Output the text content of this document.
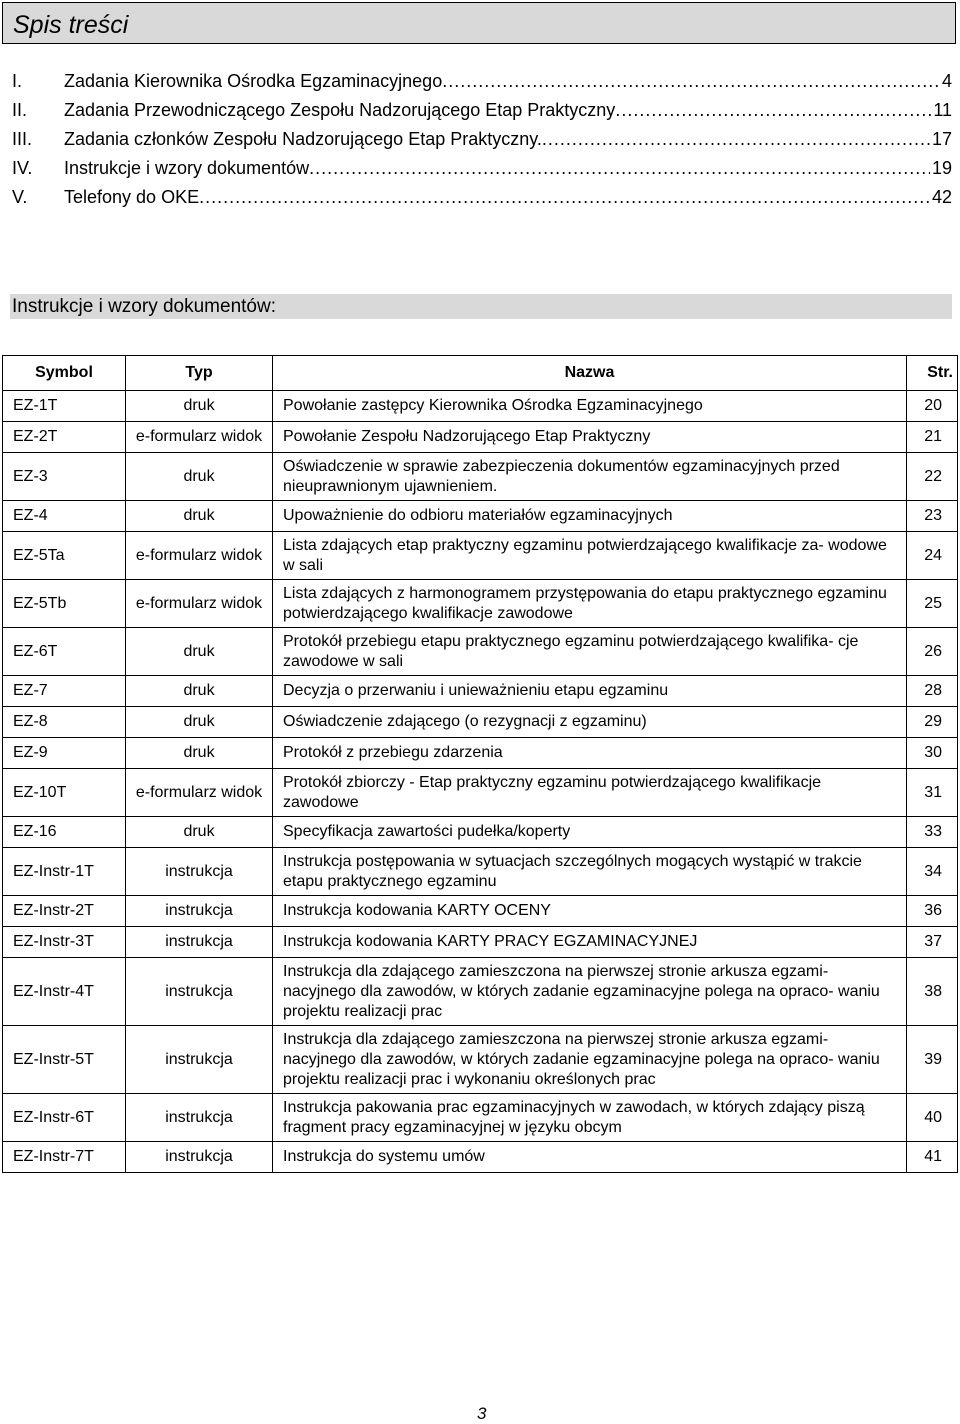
Spis treści
I.	Zadania Kierownika Ośrodka Egzaminacyjnego .....	4
II.	Zadania Przewodniczącego Zespołu Nadzorującego Etap Praktyczny .....	11
III.	Zadania członków Zespołu Nadzorującego Etap Praktyczny. .....	17
IV.	Instrukcje i wzory dokumentów .....	19
V.	Telefony do OKE .....	42
Instrukcje i wzory dokumentów:
Symbol	Typ	Nazwa	Str.
EZ-1T	druk	Powołanie zastępcy Kierownika Ośrodka Egzaminacyjnego	20
EZ-2T	e-formularz widok	Powołanie Zespołu Nadzorującego Etap Praktyczny	21
EZ-3	druk	Oświadczenie w sprawie zabezpieczenia dokumentów egzaminacyjnych przed nieuprawnionym ujawnieniem.	22
EZ-4	druk	Upoważnienie do odbioru materiałów egzaminacyjnych	23
EZ-5Ta	e-formularz widok	Lista zdających etap praktyczny egzaminu potwierdzającego kwalifikacje za- wodowe w sali	24
EZ-5Tb	e-formularz widok	Lista zdających z harmonogramem przystępowania do etapu praktycznego egzaminu potwierdzającego kwalifikacje zawodowe	25
EZ-6T	druk	Protokół przebiegu etapu praktycznego egzaminu potwierdzającego kwalifika- cje zawodowe w sali	26
EZ-7	druk	Decyzja o przerwaniu i unieważnieniu etapu egzaminu	28
EZ-8	druk	Oświadczenie zdającego (o rezygnacji z egzaminu)	29
EZ-9	druk	Protokół z przebiegu zdarzenia	30
EZ-10T	e-formularz widok	Protokół zbiorczy - Etap praktyczny egzaminu potwierdzającego kwalifikacje zawodowe	31
EZ-16	druk	Specyfikacja zawartości pudełka/koperty	33
EZ-Instr-1T	instrukcja	Instrukcja postępowania w sytuacjach szczególnych mogących wystąpić w trakcie etapu praktycznego egzaminu	34
EZ-Instr-2T	instrukcja	Instrukcja kodowania KARTY OCENY	36
EZ-Instr-3T	instrukcja	Instrukcja kodowania KARTY PRACY EGZAMINACYJNEJ	37
EZ-Instr-4T	instrukcja	Instrukcja dla zdającego zamieszczona na pierwszej stronie arkusza egzami- nacyjnego dla zawodów, w których zadanie egzaminacyjne polega na opraco- waniu projektu realizacji prac	38
EZ-Instr-5T	instrukcja	Instrukcja dla zdającego zamieszczona na pierwszej stronie arkusza egzami- nacyjnego dla zawodów, w których zadanie egzaminacyjne polega na opraco- waniu projektu realizacji prac i wykonaniu określonych prac	39
EZ-Instr-6T	instrukcja	Instrukcja pakowania prac egzaminacyjnych w zawodach, w których zdający piszą fragment pracy egzaminacyjnej w języku obcym	40
EZ-Instr-7T	instrukcja	Instrukcja do systemu umów	41
3
